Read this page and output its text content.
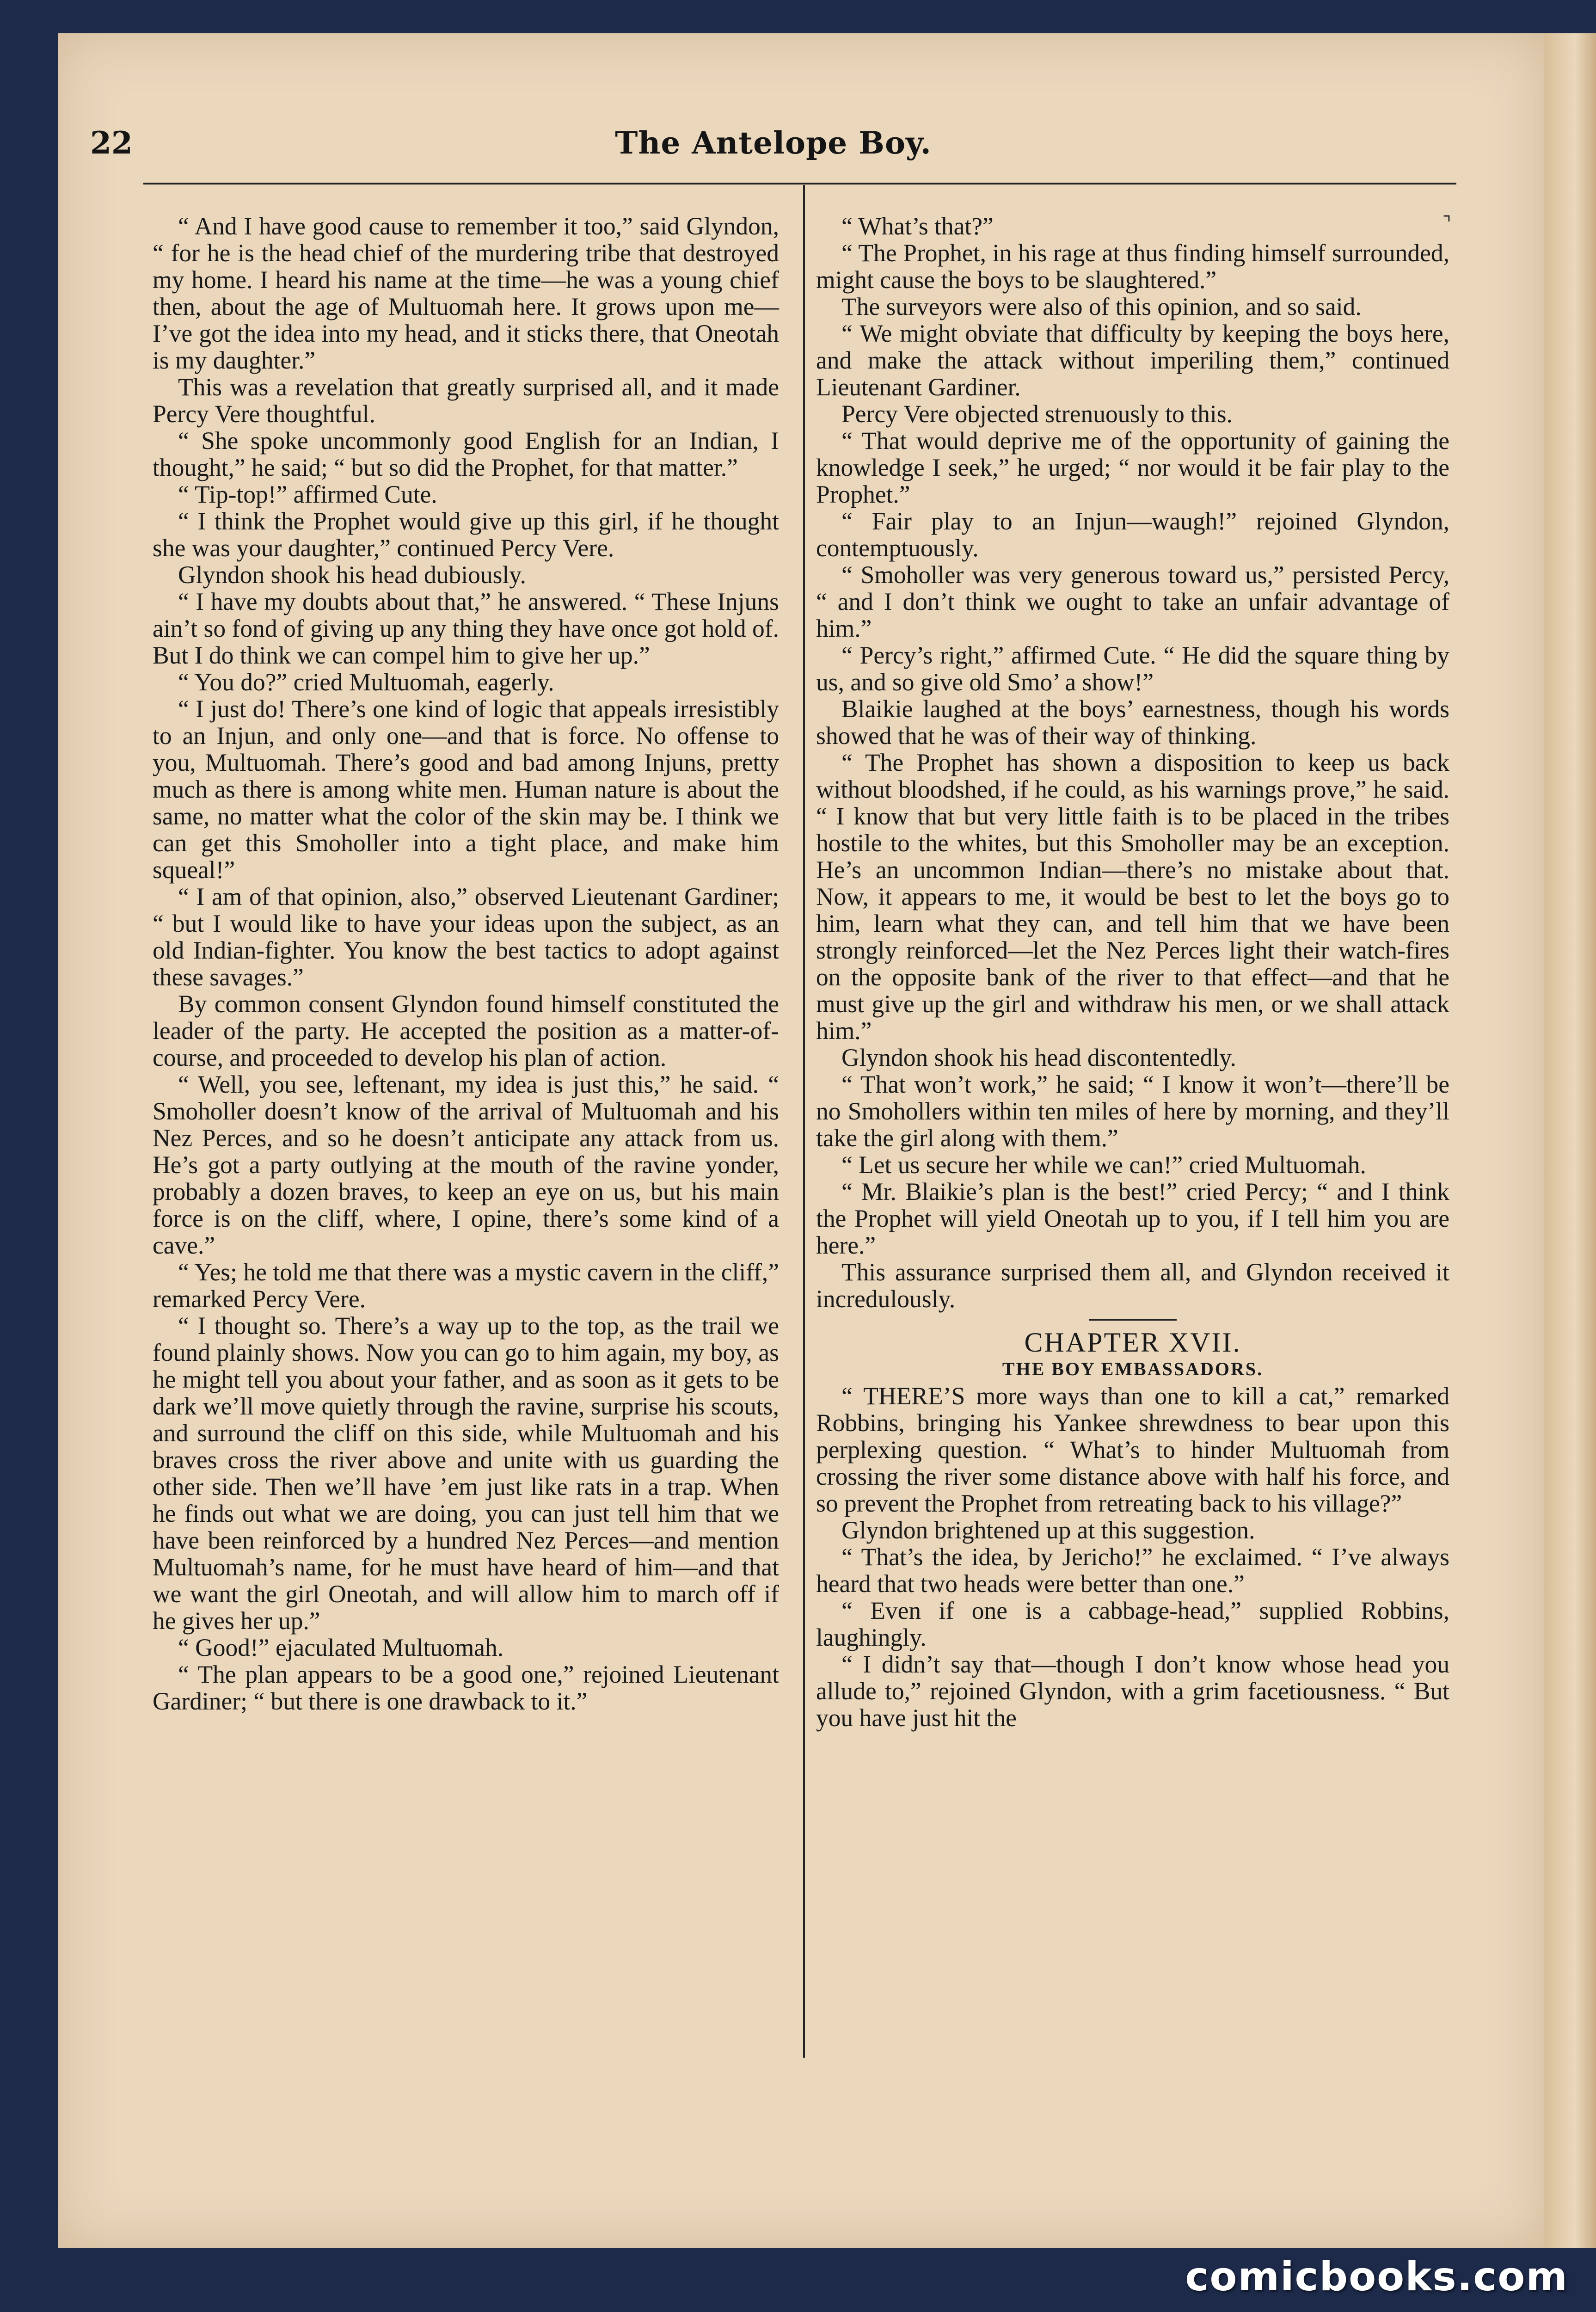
22	The Antelope Boy.
⌝

“ And I have good cause to remember it too,” said Glyndon, “ for he is the head chief of the murdering tribe that destroyed my home. I heard his name at the time—he was a young chief then, about the age of Multuomah here. It grows upon me—I’ve got the idea into my head, and it sticks there, that Oneotah is my daughter.”

This was a revelation that greatly surprised all, and it made Percy Vere thoughtful.

“ She spoke uncommonly good English for an Indian, I thought,” he said; “ but so did the Prophet, for that matter.”

“ Tip-top!” affirmed Cute.

“ I think the Prophet would give up this girl, if he thought she was your daughter,” continued Percy Vere.

Glyndon shook his head dubiously.

“ I have my doubts about that,” he answered. “ These Injuns ain’t so fond of giving up any thing they have once got hold of. But I do think we can compel him to give her up.”

“ You do?” cried Multuomah, eagerly.

“ I just do! There’s one kind of logic that appeals irresistibly to an Injun, and only one—and that is force. No offense to you, Multuomah. There’s good and bad among Injuns, pretty much as there is among white men. Human nature is about the same, no matter what the color of the skin may be. I think we can get this Smoholler into a tight place, and make him squeal!”

“ I am of that opinion, also,” observed Lieutenant Gardiner; “ but I would like to have your ideas upon the subject, as an old Indian-fighter. You know the best tactics to adopt against these savages.”

By common consent Glyndon found himself constituted the leader of the party. He accepted the position as a matter-of-course, and proceeded to develop his plan of action.

“ Well, you see, leftenant, my idea is just this,” he said. “ Smoholler doesn’t know of the arrival of Multuomah and his Nez Perces, and so he doesn’t anticipate any attack from us. He’s got a party outlying at the mouth of the ravine yonder, probably a dozen braves, to keep an eye on us, but his main force is on the cliff, where, I opine, there’s some kind of a cave.”

“ Yes; he told me that there was a mystic cavern in the cliff,” remarked Percy Vere.

“ I thought so. There’s a way up to the top, as the trail we found plainly shows. Now you can go to him again, my boy, as he might tell you about your father, and as soon as it gets to be dark we’ll move quietly through the ravine, surprise his scouts, and surround the cliff on this side, while Multuomah and his braves cross the river above and unite with us guarding the other side. Then we’ll have ’em just like rats in a trap. When he finds out what we are doing, you can just tell him that we have been reinforced by a hundred Nez Perces—and mention Multuomah’s name, for he must have heard of him—and that we want the girl Oneotah, and will allow him to march off if he gives her up.”

“ Good!” ejaculated Multuomah.

“ The plan appears to be a good one,” rejoined Lieutenant Gardiner; “ but there is one drawback to it.”

“ What’s that?”

“ The Prophet, in his rage at thus finding himself surrounded, might cause the boys to be slaughtered.”

The surveyors were also of this opinion, and so said.

“ We might obviate that difficulty by keeping the boys here, and make the attack without imperiling them,” continued Lieutenant Gardiner.

Percy Vere objected strenuously to this.

“ That would deprive me of the opportunity of gaining the knowledge I seek,” he urged; “ nor would it be fair play to the Prophet.”

“ Fair play to an Injun—waugh!” rejoined Glyndon, contemptuously.

“ Smoholler was very generous toward us,” persisted Percy, “ and I don’t think we ought to take an unfair advantage of him.”

“ Percy’s right,” affirmed Cute. “ He did the square thing by us, and so give old Smo’ a show!”

Blaikie laughed at the boys’ earnestness, though his words showed that he was of their way of thinking.

“ The Prophet has shown a disposition to keep us back without bloodshed, if he could, as his warnings prove,” he said. “ I know that but very little faith is to be placed in the tribes hostile to the whites, but this Smoholler may be an exception. He’s an uncommon Indian—there’s no mistake about that. Now, it appears to me, it would be best to let the boys go to him, learn what they can, and tell him that we have been strongly reinforced—let the Nez Perces light their watch-fires on the opposite bank of the river to that effect—and that he must give up the girl and withdraw his men, or we shall attack him.”

Glyndon shook his head discontentedly.

“ That won’t work,” he said; “ I know it won’t—there’ll be no Smohollers within ten miles of here by morning, and they’ll take the girl along with them.”

“ Let us secure her while we can!” cried Multuomah.

“ Mr. Blaikie’s plan is the best!” cried Percy; “ and I think the Prophet will yield Oneotah up to you, if I tell him you are here.”

This assurance surprised them all, and Glyndon received it incredulously.

CHAPTER XVII.

THE BOY EMBASSADORS.

“ THERE’S more ways than one to kill a cat,” remarked Robbins, bringing his Yankee shrewdness to bear upon this perplexing question. “ What’s to hinder Multuomah from crossing the river some distance above with half his force, and so prevent the Prophet from retreating back to his village?”

Glyndon brightened up at this suggestion.

“ That’s the idea, by Jericho!” he exclaimed. “ I’ve always heard that two heads were better than one.”

“ Even if one is a cabbage-head,” supplied Robbins, laughingly.

“ I didn’t say that—though I don’t know whose head you allude to,” rejoined Glyndon, with a grim facetiousness. “ But you have just hit the

comicbooks.com
